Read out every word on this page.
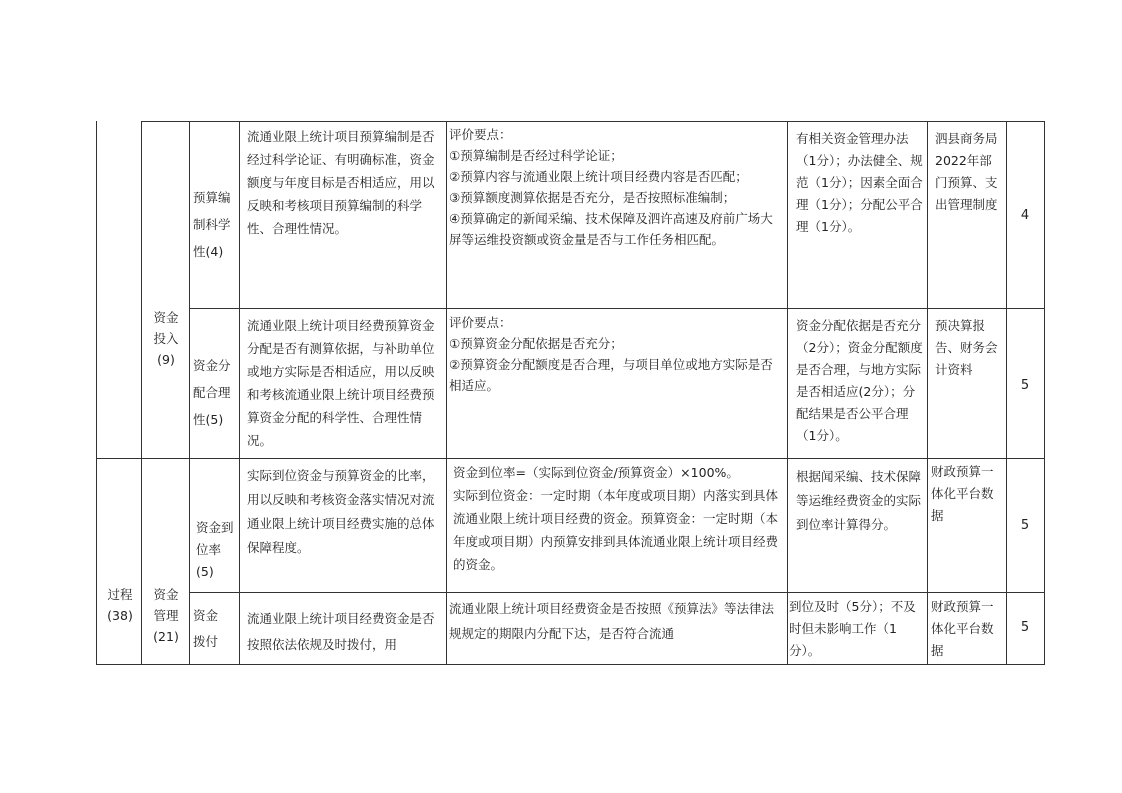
资金投入(9)
过程(38)
资金管理(21)
预算编制科学性(4)
流通业限上统计项目预算编制是否经过科学论证、有明确标准，资金额度与年度目标是否相适应，用以反映和考核项目预算编制的科学性、合理性情况。

评价要点：

①预算编制是否经过科学论证；

②预算内容与流通业限上统计项目经费内容是否匹配；

③预算额度测算依据是否充分，是否按照标准编制；

④预算确定的新闻采编、技术保障及泗许高速及府前广场大屏等运维投资额或资金量是否与工作任务相匹配。

有相关资金管理办法（1分）；办法健全、规范（1分）；因素全面合理（1分）；分配公平合理（1分）。
泗县商务局2022年部门预算、支出管理制度
4
资金分配合理性(5)
流通业限上统计项目经费预算资金分配是否有测算依据，与补助单位或地方实际是否相适应，用以反映和考核流通业限上统计项目经费预算资金分配的科学性、合理性情况。

评价要点：

①预算资金分配依据是否充分；

②预算资金分配额度是否合理，与项目单位或地方实际是否相适应。

资金分配依据是否充分（2分）；资金分配额度是否合理，与地方实际是否相适应(2分）；分配结果是否公平合理（1分）。
预决算报告、财务会计资料
5
资金到位率(5)
实际到位资金与预算资金的比率，用以反映和考核资金落实情况对流通业限上统计项目经费实施的总体保障程度。

资金到位率=（实际到位资金/预算资金）×100%。

实际到位资金：一定时期（本年度或项目期）内落实到具体流通业限上统计项目经费的资金。预算资金：一定时期（本年度或项目期）内预算安排到具体流通业限上统计项目经费的资金。

根据闻采编、技术保障等运维经费资金的实际到位率计算得分。
财政预算一体化平台数据
5
资金拨付
流通业限上统计项目经费资金是否按照依法依规及时拨付，用

流通业限上统计项目经费资金是否按照《预算法》等法律法规规定的期限内分配下达，是否符合流通

到位及时（5分）；不及时但未影响工作（1分）。
财政预算一体化平台数据
5
